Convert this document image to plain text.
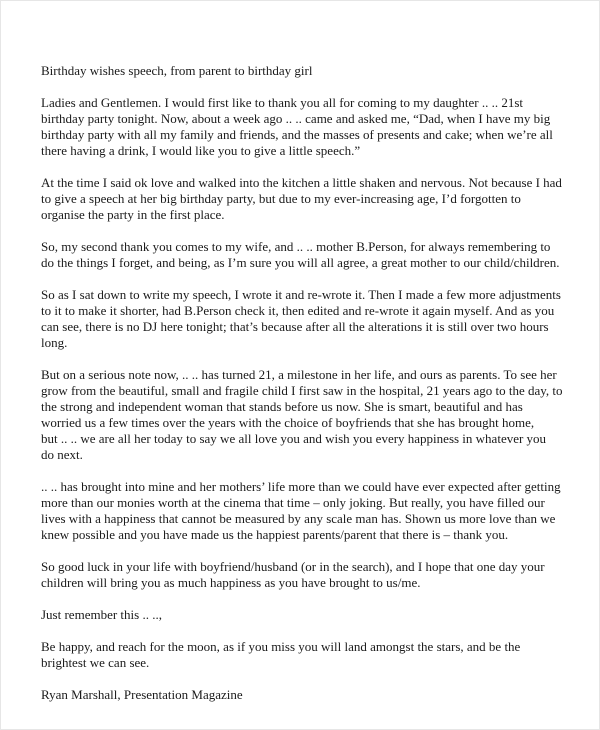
Birthday wishes speech, from parent to birthday girl
Ladies and Gentlemen. I would first like to thank you all for coming to my daughter .. .. 21st
birthday party tonight. Now, about a week ago .. .. came and asked me, “Dad, when I have my big
birthday party with all my family and friends, and the masses of presents and cake; when we’re all
there having a drink, I would like you to give a little speech.”
At the time I said ok love and walked into the kitchen a little shaken and nervous. Not because I had
to give a speech at her big birthday party, but due to my ever-increasing age, I’d forgotten to
organise the party in the first place.
So, my second thank you comes to my wife, and .. .. mother B.Person, for always remembering to
do the things I forget, and being, as I’m sure you will all agree, a great mother to our child/children.
So as I sat down to write my speech, I wrote it and re-wrote it. Then I made a few more adjustments
to it to make it shorter, had B.Person check it, then edited and re-wrote it again myself. And as you
can see, there is no DJ here tonight; that’s because after all the alterations it is still over two hours
long.
But on a serious note now, .. .. has turned 21, a milestone in her life, and ours as parents. To see her
grow from the beautiful, small and fragile child I first saw in the hospital, 21 years ago to the day, to
the strong and independent woman that stands before us now. She is smart, beautiful and has
worried us a few times over the years with the choice of boyfriends that she has brought home,
but .. .. we are all her today to say we all love you and wish you every happiness in whatever you
do next.
.. .. has brought into mine and her mothers’ life more than we could have ever expected after getting
more than our monies worth at the cinema that time – only joking. But really, you have filled our
lives with a happiness that cannot be measured by any scale man has. Shown us more love than we
knew possible and you have made us the happiest parents/parent that there is – thank you.
So good luck in your life with boyfriend/husband (or in the search), and I hope that one day your
children will bring you as much happiness as you have brought to us/me.
Just remember this .. ..,
Be happy, and reach for the moon, as if you miss you will land amongst the stars, and be the
brightest we can see.
Ryan Marshall, Presentation Magazine
